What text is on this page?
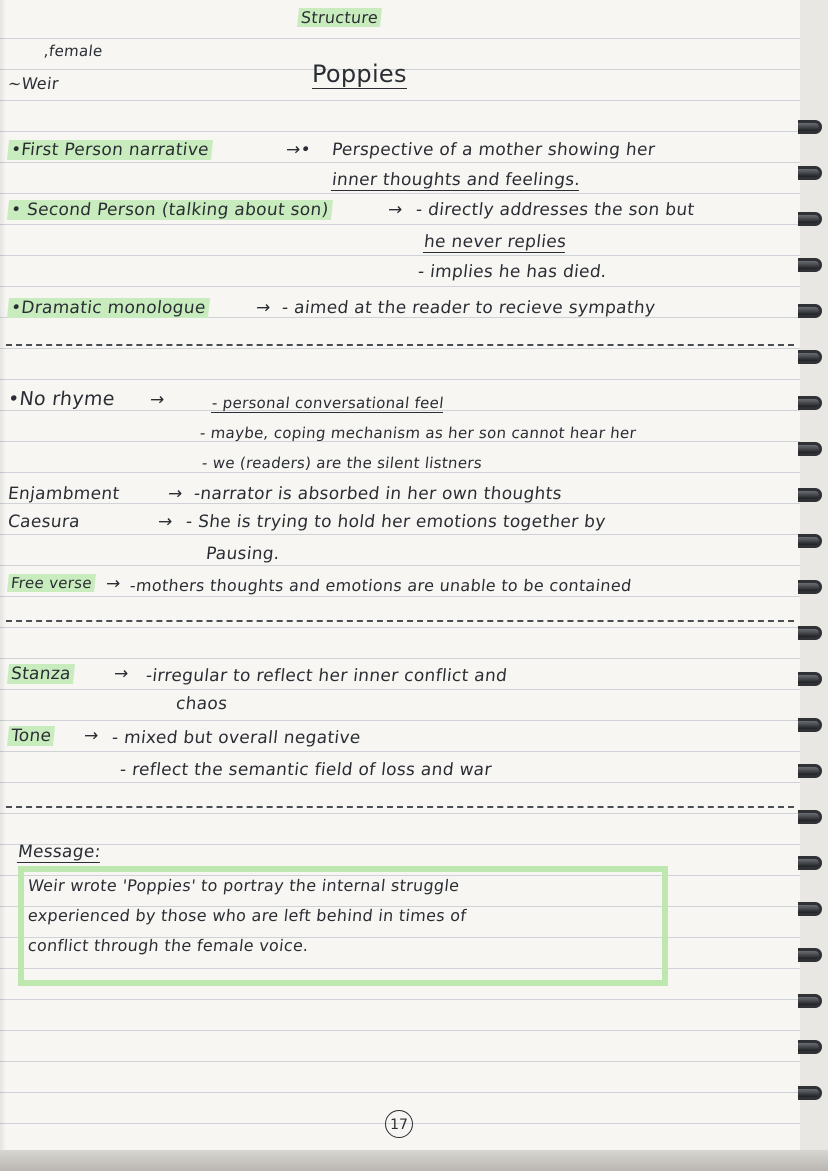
Structure
Poppies
,female
~Weir
•First Person narrative	→• Perspective of a mother showing her
inner thoughts and feelings.
• Second Person (talking about son)	→ - directly addresses the son but
he never replies
- implies he has died.
•Dramatic monologue	→ - aimed at the reader to recieve sympathy
•No rhyme →	- personal conversational feel
- maybe, coping mechanism as her son cannot hear her
- we (readers) are the silent listners
Enjambment	→ -narrator is absorbed in her own thoughts
Caesura	→ - She is trying to hold her emotions together by
Pausing.
Free verse → -mothers thoughts and emotions are unable to be contained
Stanza → -irregular to reflect her inner conflict and
chaos
Tone → - mixed but overall negative
- reflect the semantic field of loss and war
Message:
Weir wrote 'Poppies' to portray the internal struggle
experienced by those who are left behind in times of
conflict through the female voice.
17
